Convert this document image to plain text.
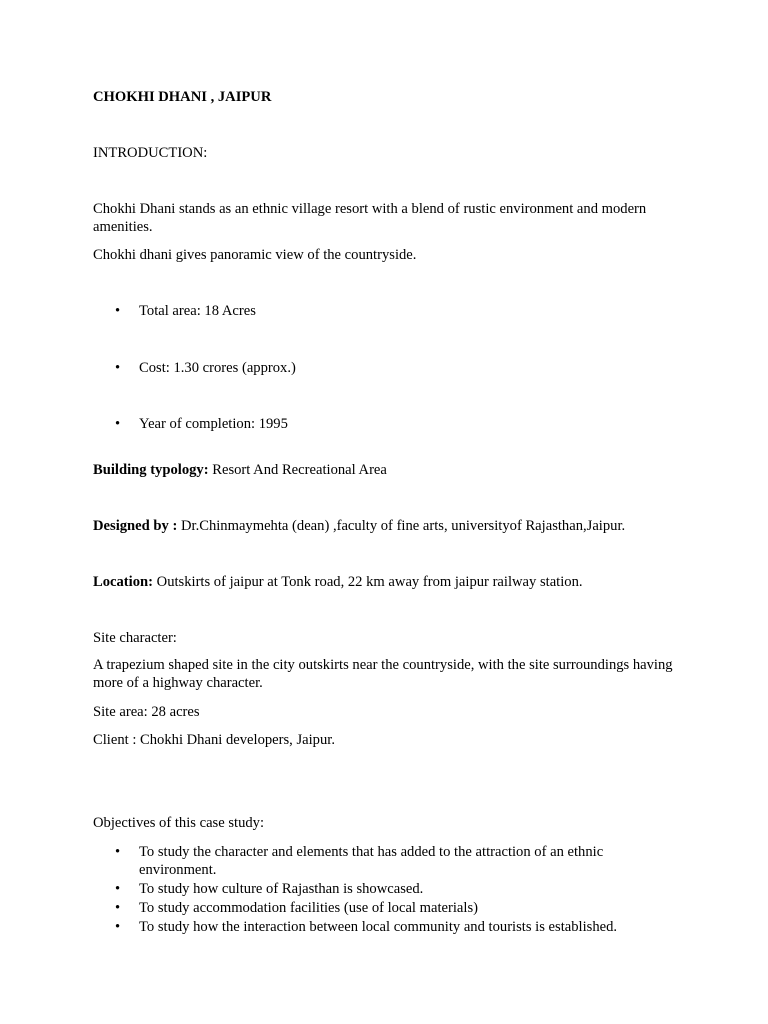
CHOKHI DHANI , JAIPUR

INTRODUCTION:

Chokhi Dhani stands as an ethnic village resort with a blend of rustic environment and modern amenities.

Chokhi dhani gives panoramic view of the countryside.

• Total area: 18 Acres
• Cost: 1.30 crores (approx.)
• Year of completion: 1995

Building typology: Resort And Recreational Area

Designed by : Dr.Chinmaymehta (dean) ,faculty of fine arts, universityof Rajasthan,Jaipur.

Location: Outskirts of jaipur at Tonk road, 22 km away from jaipur railway station.

Site character:

A trapezium shaped site in the city outskirts near the countryside, with the site surroundings having more of a highway character.

Site area: 28 acres

Client : Chokhi Dhani developers, Jaipur.

Objectives of this case study:

• To study the character and elements that has added to the attraction of an ethnic environment.
• To study how culture of Rajasthan is showcased.
• To study accommodation facilities (use of local materials)
• To study how the interaction between local community and tourists is established.
